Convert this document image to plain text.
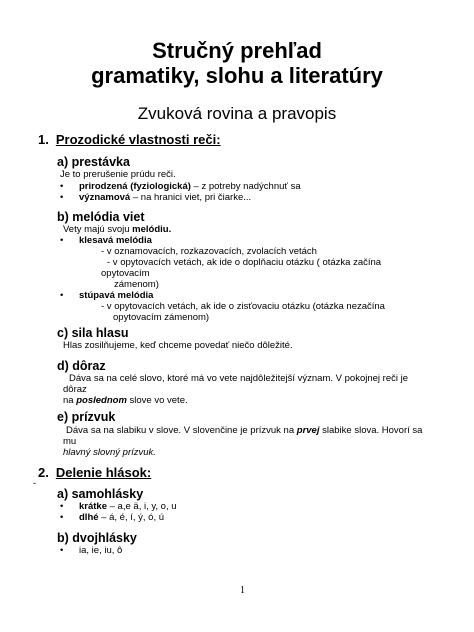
Stručný prehľad
gramatiky, slohu a literatúry
Zvuková rovina a pravopis
1. Prozodické vlastnosti reči:
a) prestávka
Je to prerušenie prúdu reči.
• prirodzená (fyziologická) – z potreby nadýchnuť sa
• významová – na hranici viet, pri čiarke...
b) melódia viet
Vety majú svoju melódiu.
• klesavá melódia
- v oznamovacích, rozkazovacích, zvolacích vetách
- v opytovacích vetách, ak ide o doplňaciu otázku ( otázka začína
opytovacím
zámenom)
• stúpavá melódia
- v opytovacích vetách, ak ide o zisťovaciu otázku (otázka nezačína
opytovacím zámenom)
c) sila hlasu
Hlas zosilňujeme, keď chceme povedať niečo dôležité.
d) dôraz
Dáva sa na celé slovo, ktoré má vo vete najdôležitejší význam. V pokojnej reči je
dôraz
na poslednom slove vo vete.
e) prízvuk
Dáva sa na slabiku v slove. V slovenčine je prízvuk na prvej slabike slova. Hovorí sa
mu
hlavný slovný prízvuk.
2. Delenie hlások:
-
a) samohlásky
• krátke – a,e ä, i, y, o, u
• dlhé – á, é, í, ý, ó, ú
b) dvojhlásky
• ia, ie, iu, ô
1
